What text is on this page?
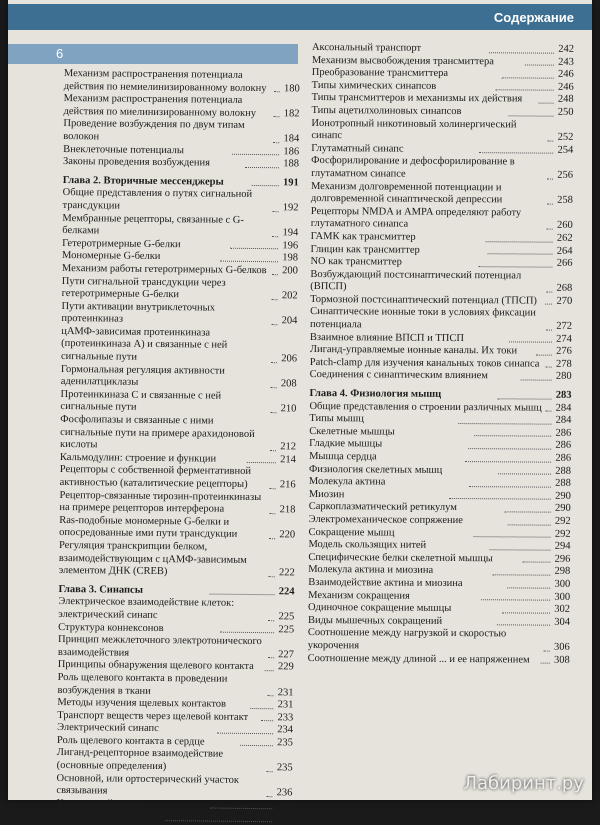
Содержание
6
Механизм распространения потенциала действия по немиелинизированному волокну	180
Механизм распространения потенциала действия по миелинизированному волокну	182
Проведение возбуждения по двум типам волокон	184
Внеклеточные потенциалы	186
Законы проведения возбуждения	188
Глава 2. Вторичные мессенджеры	191
Общие представления о путях сигнальной трансдукции	192
Мембранные рецепторы, связанные с G-белками	194
Гетеротримерные G-белки	196
Мономерные G-белки	198
Механизм работы гетеротримерных G-белков	200
Пути сигнальной трансдукции через гетеротримерные G-белки	202
Пути активации внутриклеточных протеинкиназ	204
цАМФ-зависимая протеинкиназа (протеинкиназа А) и связанные с ней сигнальные пути	206
Гормональная регуляция активности аденилатциклазы	208
Протеинкиназа С и связанные с ней сигнальные пути	210
Фосфолипазы и связанные с ними сигнальные пути на примере арахидоновой кислоты	212
Кальмодулин: строение и функции	214
Рецепторы с собственной ферментативной активностью (каталитические рецепторы)	216
Рецептор-связанные тирозин-протеинкиназы на примере рецепторов интерферона	218
Ras-подобные мономерные G-белки и опосредованные ими пути трансдукции	220
Регуляция транскрипции белком, взаимодействующим с цАМФ-зависимым элементом ДНК (CREB)	222
Глава 3. Синапсы	224
Электрическое взаимодействие клеток: электрический синапс	225
Структура коннексонов	225
Принцип межклеточного электротонического взаимодействия	227
Принципы обнаружения щелевого контакта	229
Роль щелевого контакта в проведении возбуждения в ткани	231
Методы изучения щелевых контактов	231
Транспорт веществ через щелевой контакт	233
Электрический синапс	234
Роль щелевого контакта в сердце	235
Лиганд-рецепторное взаимодействие (основные определения)	235
Основной, или ортостерический участок связывания	236
Химический синапс	237
240
Аксональный транспорт	242
Механизм высвобождения трансмиттера	243
Преобразование трансмиттера	246
Типы химических синапсов	246
Типы трансмиттеров и механизмы их действия	248
Типы ацетилхолиновых синапсов	250
Ионотропный никотиновый холинергический синапс	252
Глутаматный синапс	254
Фосфорилирование и дефосфорилирование в глутаматном синапсе	256
Механизм долговременной потенциации и долговременной синаптической депрессии	258
Рецепторы NMDA и AMPA определяют работу глутаматного синапса	260
ГАМК как трансмиттер	262
Глицин как трансмиттер	264
NO как трансмиттер	266
Возбуждающий постсинаптический потенциал (ВПСП)	268
Тормозной постсинаптический потенциал (ТПСП)	270
Синаптические ионные токи в условиях фиксации потенциала	272
Взаимное влияние ВПСП и ТПСП	274
Лиганд-управляемые ионные каналы. Их токи	276
Patch-clamp для изучения канальных токов синапса	278
Соединения с синаптическим влиянием	280
Глава 4. Физиология мышц	283
Общие представления о строении различных мышц 284
Типы мышц	284
Скелетные мышцы	286
Гладкие мышцы	286
Мышца сердца	286
Физиология скелетных мышц	288
Молекула актина	288
Миозин	290
Саркоплазматический ретикулум	290
Электромеханическое сопряжение	292
Сокращение мышц	292
Модель скользящих нитей	294
Специфические белки скелетной мышцы	296
Молекула актина и миозина	298
Взаимодействие актина и миозина	300
Механизм сокращения	300
Одиночное сокращение мышцы	302
Виды мышечных сокращений	304
Соотношение между нагрузкой и скоростью укорочения	306
Соотношение между длиной ... и ее напряжением	308
Лабиринт.ру
